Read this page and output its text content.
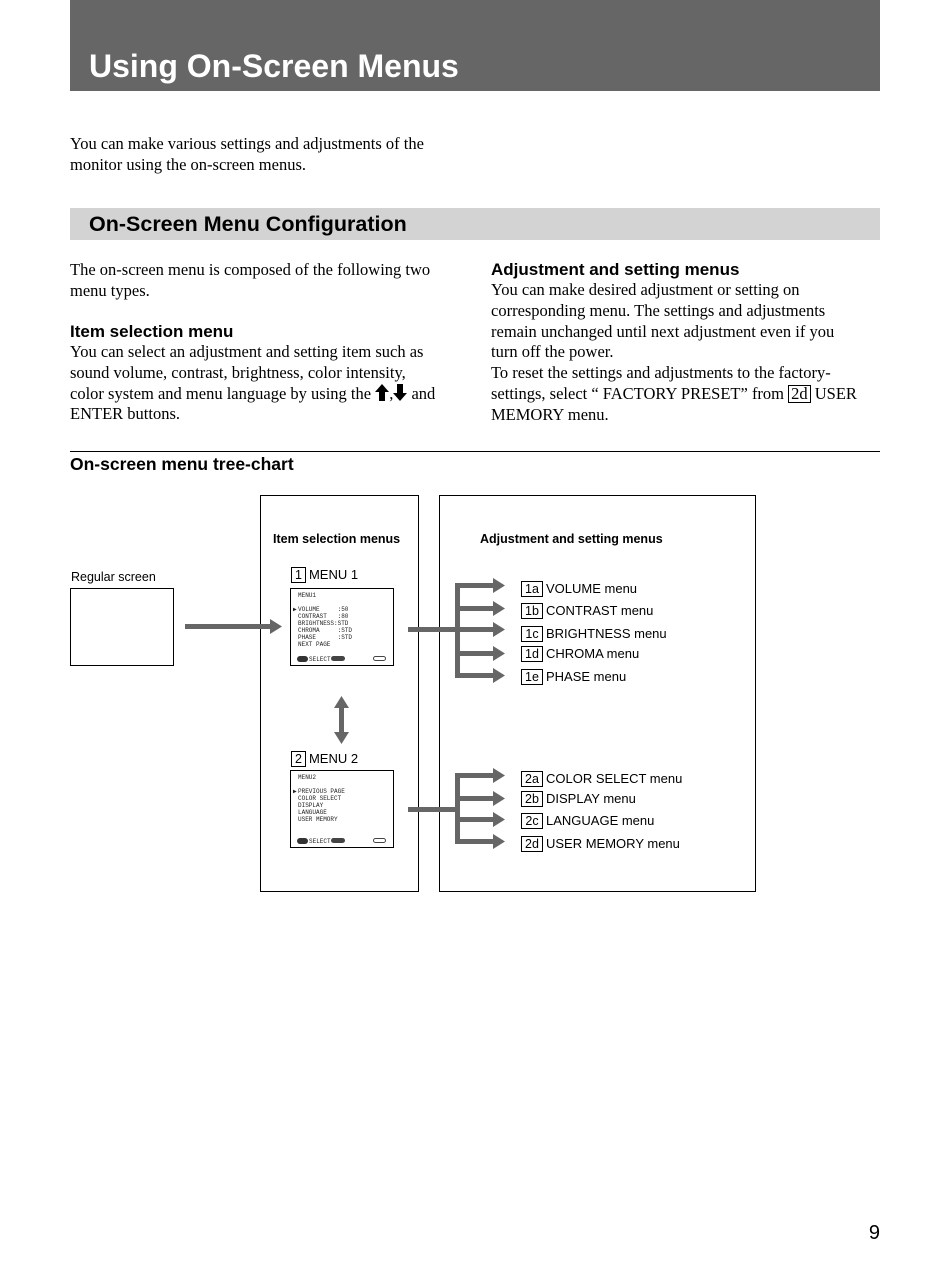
Using On-Screen Menus
You can make various settings and adjustments of the
monitor using the on-screen menus.
On-Screen Menu Configuration
The on-screen menu is composed of the following two
menu types.
Item selection menu
You can select an adjustment and setting item such as
sound volume, contrast, brightness, color intensity,
color system and menu language by using the , and
ENTER buttons.
Adjustment and setting menus
You can make desired adjustment or setting on
corresponding menu. The settings and adjustments
remain unchanged until next adjustment even if you
turn off the power.
To reset the settings and adjustments to the factory-
settings, select “ FACTORY PRESET” from 2d USER
MEMORY menu.
On-screen menu tree-chart
Regular screen
Item selection menus	Adjustment and setting menus
1 MENU 1
MENU1
▶ VOLUME     :50
CONTRAST   :80
BRIGHTNESS:STD
CHROMA     :STD
PHASE      :STD
NEXT PAGE
SELECT
2 MENU 2
MENU2
▶ PREVIOUS PAGE
COLOR SELECT
DISPLAY
LANGUAGE
USER MEMORY
SELECT
1a VOLUME menu
1b CONTRAST menu
1c BRIGHTNESS menu
1d CHROMA menu
1e PHASE menu
2a COLOR SELECT menu
2b DISPLAY menu
2c LANGUAGE menu
2d USER MEMORY menu
9
